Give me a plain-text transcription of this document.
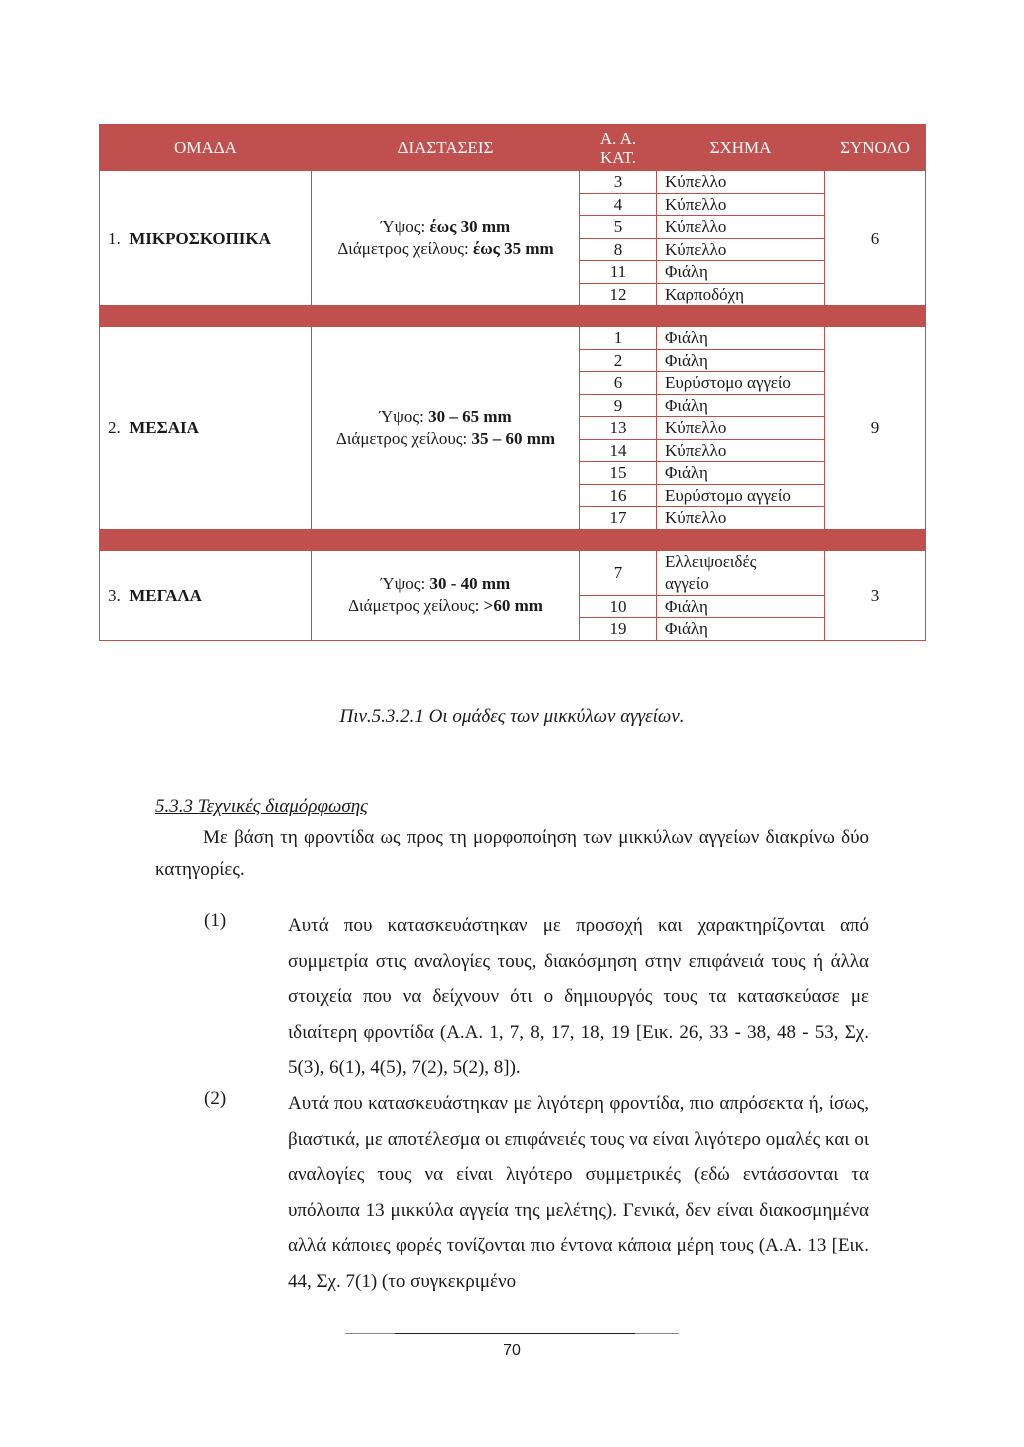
ΟΜΑΔΑ	ΔΙΑΣΤΑΣΕΙΣ	Α. Α.
ΚΑΤ.	ΣΧΗΜΑ	ΣΥΝΟΛΟ
1. ΜΙΚΡΟΣΚΟΠΙΚΑ	Ύψος: έως 30 mm
Διάμετρος χείλους: έως 35 mm	3	Κύπελλο	6
		4	Κύπελλο	
		5	Κύπελλο	
		8	Κύπελλο	
		11	Φιάλη	
		12	Καρποδόχη	

2. ΜΕΣΑΙΑ	Ύψος: 30 – 65 mm
Διάμετρος χείλους: 35 – 60 mm	1	Φιάλη	9
		2	Φιάλη	
		6	Ευρύστομο αγγείο	
		9	Φιάλη	
		13	Κύπελλο	
		14	Κύπελλο	
		15	Φιάλη	
		16	Ευρύστομο αγγείο	
		17	Κύπελλο	

3. ΜΕΓΑΛΑ	Ύψος: 30 - 40 mm
Διάμετρος χείλους: >60 mm	7	Ελλειψοειδές
αγγείο	3
		10	Φιάλη	
		19	Φιάλη	
Πιν.5.3.2.1 Οι ομάδες των μικκύλων αγγείων.
5.3.3 Τεχνικές διαμόρφωσης
Με βάση τη φροντίδα ως προς τη μορφοποίηση των μικκύλων αγγείων διακρίνω δύο κατηγορίες.
(1)	Αυτά που κατασκευάστηκαν με προσοχή και χαρακτηρίζονται από συμμετρία στις αναλογίες τους, διακόσμηση στην επιφάνειά τους ή άλλα στοιχεία που να δείχνουν ότι ο δημιουργός τους τα κατασκεύασε με ιδιαίτερη φροντίδα (Α.Α. 1, 7, 8, 17, 18, 19 [Εικ. 26, 33 - 38, 48 - 53, Σχ. 5(3), 6(1), 4(5), 7(2), 5(2), 8]).
(2)	Αυτά που κατασκευάστηκαν με λιγότερη φροντίδα, πιο απρόσεκτα ή, ίσως, βιαστικά, με αποτέλεσμα οι επιφάνειές τους να είναι λιγότερο ομαλές και οι αναλογίες τους να είναι λιγότερο συμμετρικές (εδώ εντάσσονται τα υπόλοιπα 13 μικκύλα αγγεία της μελέτης). Γενικά, δεν είναι διακοσμημένα αλλά κάποιες φορές τονίζονται πιο έντονα κάποια μέρη τους (Α.Α. 13 [Εικ. 44, Σχ. 7(1) (το συγκεκριμένο
70
